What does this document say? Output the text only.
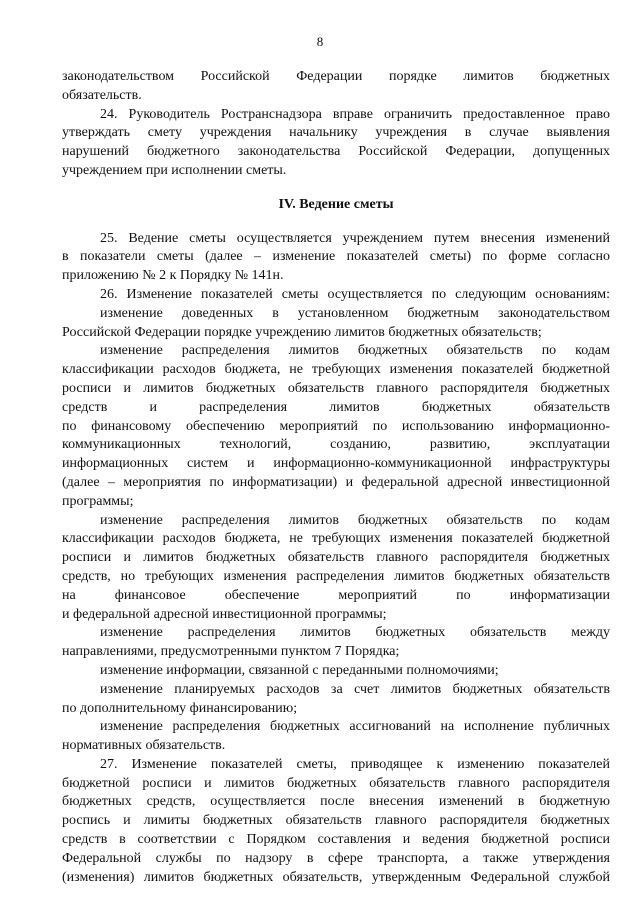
8
законодательством Российской Федерации порядке лимитов бюджетных
обязательств.
24. Руководитель Ространснадзора вправе ограничить предоставленное право
утверждать смету учреждения начальнику учреждения в случае выявления
нарушений бюджетного законодательства Российской Федерации, допущенных
учреждением при исполнении сметы.
IV. Ведение сметы
25. Ведение сметы осуществляется учреждением путем внесения изменений
в показатели сметы (далее – изменение показателей сметы) по форме согласно
приложению № 2 к Порядку № 141н.
26. Изменение показателей сметы осуществляется по следующим основаниям:
изменение доведенных в установленном бюджетным законодательством
Российской Федерации порядке учреждению лимитов бюджетных обязательств;
изменение распределения лимитов бюджетных обязательств по кодам
классификации расходов бюджета, не требующих изменения показателей бюджетной
росписи и лимитов бюджетных обязательств главного распорядителя бюджетных
средств и распределения лимитов бюджетных обязательств
по финансовому обеспечению мероприятий по использованию информационно-
коммуникационных технологий, созданию, развитию, эксплуатации
информационных систем и информационно-коммуникационной инфраструктуры
(далее – мероприятия по информатизации) и федеральной адресной инвестиционной
программы;
изменение распределения лимитов бюджетных обязательств по кодам
классификации расходов бюджета, не требующих изменения показателей бюджетной
росписи и лимитов бюджетных обязательств главного распорядителя бюджетных
средств, но требующих изменения распределения лимитов бюджетных обязательств
на финансовое обеспечение мероприятий по информатизации
и федеральной адресной инвестиционной программы;
изменение распределения лимитов бюджетных обязательств между
направлениями, предусмотренными пунктом 7 Порядка;
изменение информации, связанной с переданными полномочиями;
изменение планируемых расходов за счет лимитов бюджетных обязательств
по дополнительному финансированию;
изменение распределения бюджетных ассигнований на исполнение публичных
нормативных обязательств.
27. Изменение показателей сметы, приводящее к изменению показателей
бюджетной росписи и лимитов бюджетных обязательств главного распорядителя
бюджетных средств, осуществляется после внесения изменений в бюджетную
роспись и лимиты бюджетных обязательств главного распорядителя бюджетных
средств в соответствии с Порядком составления и ведения бюджетной росписи
Федеральной службы по надзору в сфере транспорта, а также утверждения
(изменения) лимитов бюджетных обязательств, утвержденным Федеральной службой
